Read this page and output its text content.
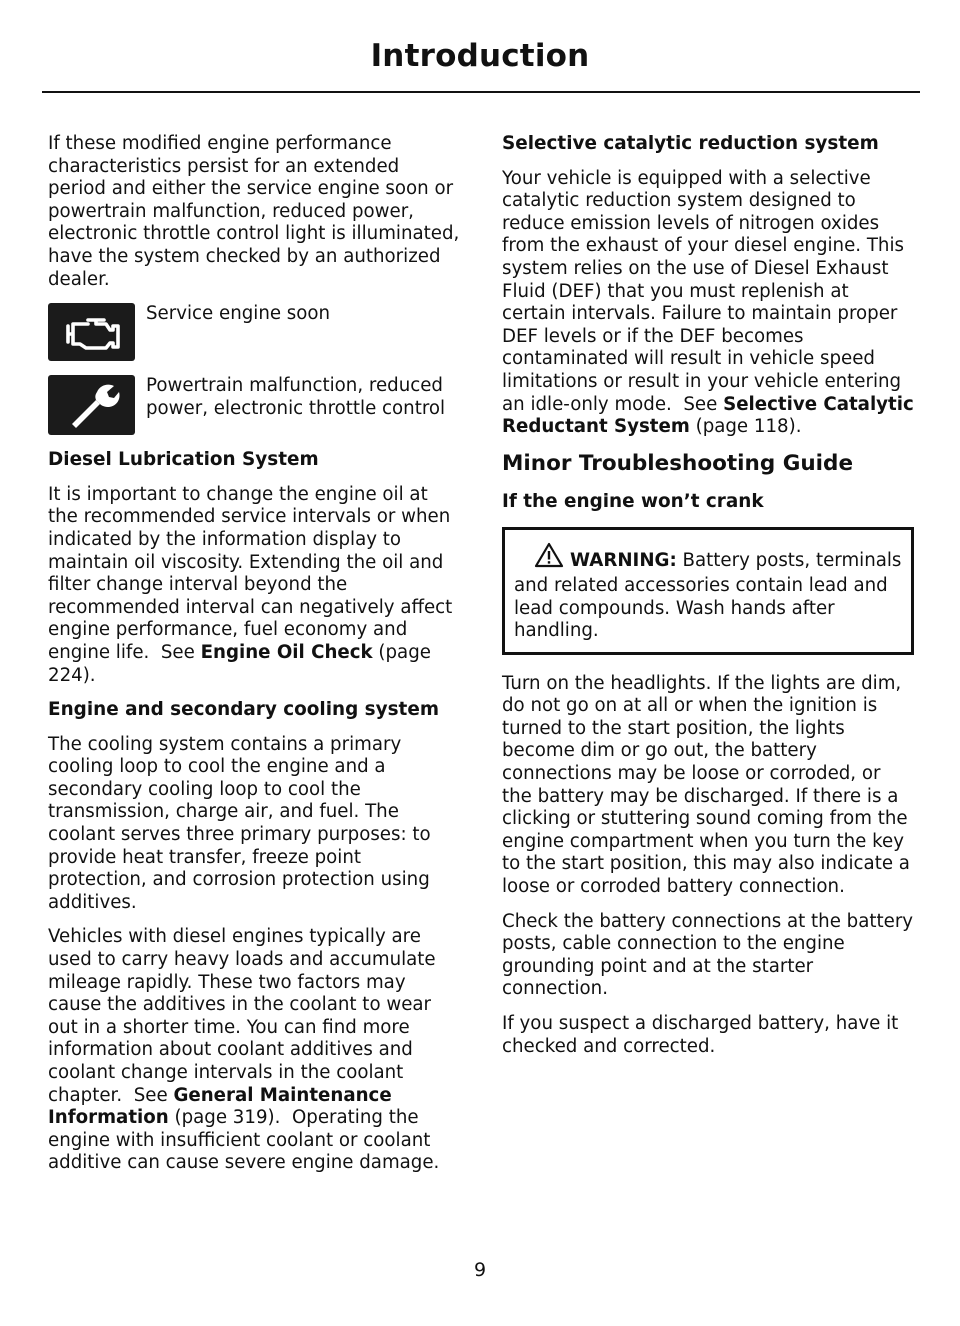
Introduction

If these modified engine performance characteristics persist for an extended period and either the service engine soon or powertrain malfunction, reduced power, electronic throttle control light is illuminated, have the system checked by an authorized dealer.

Service engine soon
Powertrain malfunction, reduced power, electronic throttle control
Diesel Lubrication System

It is important to change the engine oil at the recommended service intervals or when indicated by the information display to maintain oil viscosity. Extending the oil and filter change interval beyond the recommended interval can negatively affect engine performance, fuel economy and engine life. See Engine Oil Check (page 224).

Engine and secondary cooling system

The cooling system contains a primary cooling loop to cool the engine and a secondary cooling loop to cool the transmission, charge air, and fuel. The coolant serves three primary purposes: to provide heat transfer, freeze point protection, and corrosion protection using additives.

Vehicles with diesel engines typically are used to carry heavy loads and accumulate mileage rapidly. These two factors may cause the additives in the coolant to wear out in a shorter time. You can find more information about coolant additives and coolant change intervals in the coolant chapter. See General Maintenance Information (page 319). Operating the engine with insufficient coolant or coolant additive can cause severe engine damage.

Selective catalytic reduction system

Your vehicle is equipped with a selective catalytic reduction system designed to reduce emission levels of nitrogen oxides from the exhaust of your diesel engine. This system relies on the use of Diesel Exhaust Fluid (DEF) that you must replenish at certain intervals. Failure to maintain proper DEF levels or if the DEF becomes contaminated will result in vehicle speed limitations or result in your vehicle entering an idle-only mode. See Selective Catalytic Reductant System (page 118).

Minor Troubleshooting Guide
If the engine won’t crank
WARNING: Battery posts, terminals and related accessories contain lead and lead compounds. Wash hands after handling.

Turn on the headlights. If the lights are dim, do not go on at all or when the ignition is turned to the start position, the lights become dim or go out, the battery connections may be loose or corroded, or the battery may be discharged. If there is a clicking or stuttering sound coming from the engine compartment when you turn the key to the start position, this may also indicate a loose or corroded battery connection.

Check the battery connections at the battery posts, cable connection to the engine grounding point and at the starter connection.

If you suspect a discharged battery, have it checked and corrected.

9
